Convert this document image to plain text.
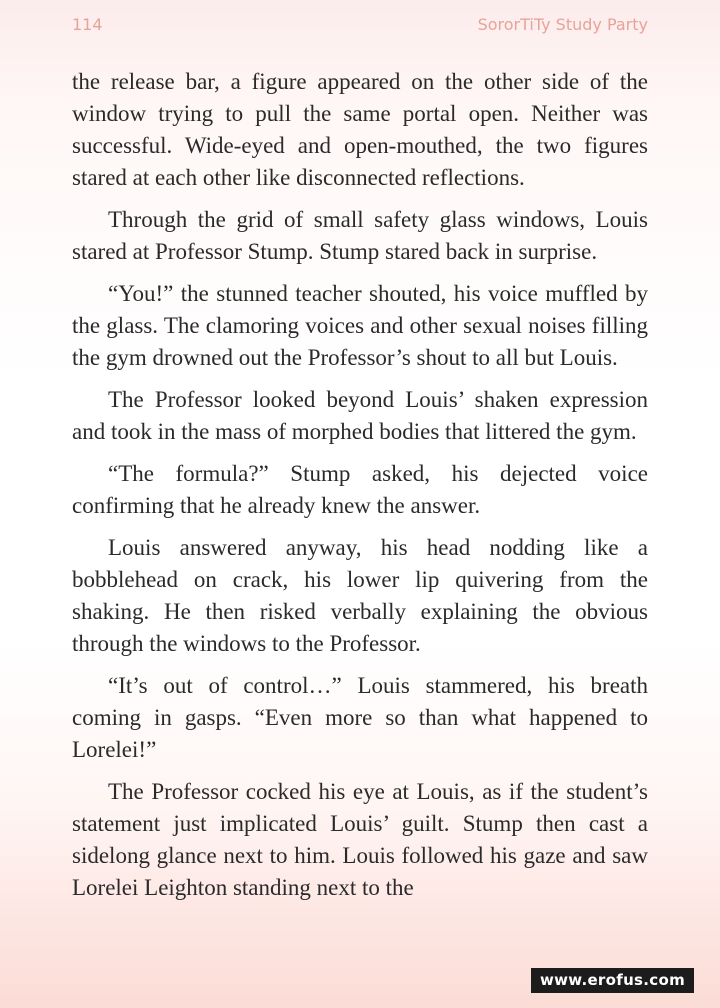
114	SororTiTy Study Party

the release bar, a figure appeared on the other side of the window trying to pull the same portal open. Neither was successful. Wide-eyed and open-mouthed, the two figures stared at each other like disconnected reflections.

Through the grid of small safety glass windows, Louis stared at Professor Stump. Stump stared back in surprise.

“You!” the stunned teacher shouted, his voice muffled by the glass. The clamoring voices and other sexual noises filling the gym drowned out the Professor’s shout to all but Louis.

The Professor looked beyond Louis’ shaken expression and took in the mass of morphed bodies that littered the gym.

“The formula?” Stump asked, his dejected voice confirming that he already knew the answer.

Louis answered anyway, his head nodding like a bobblehead on crack, his lower lip quivering from the shaking. He then risked verbally explaining the obvious through the windows to the Professor.

“It’s out of control…” Louis stammered, his breath coming in gasps. “Even more so than what happened to Lorelei!”

The Professor cocked his eye at Louis, as if the student’s statement just implicated Louis’ guilt. Stump then cast a sidelong glance next to him. Louis followed his gaze and saw Lorelei Leighton standing next to the

www.erofus.com
